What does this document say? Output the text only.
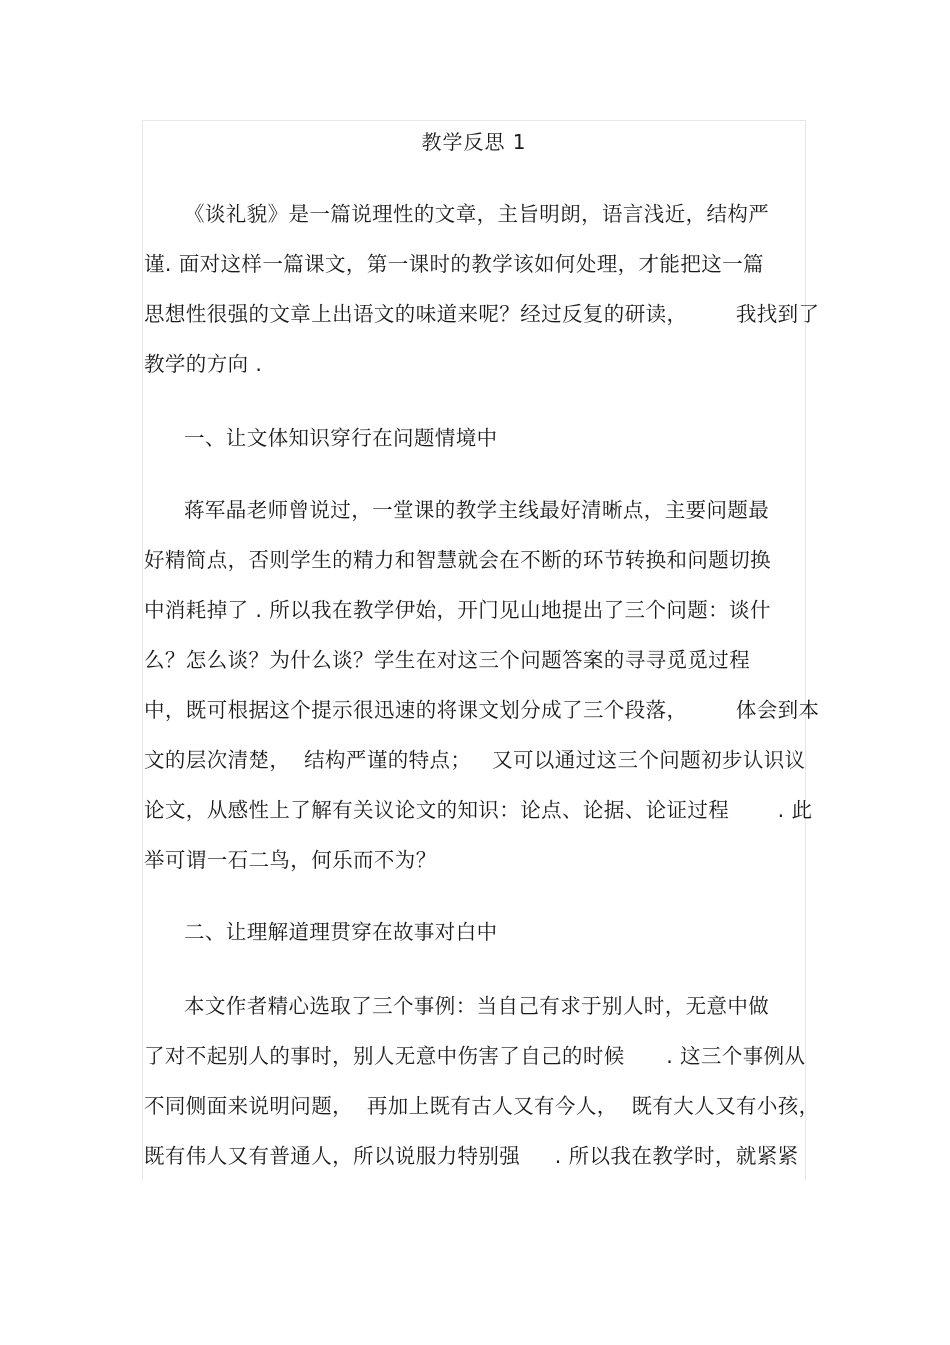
教学反思 1
《谈礼貌》是一篇说理性的文章，主旨明朗，语言浅近，结构严
谨. 面对这样一篇课文，第一课时的教学该如何处理，才能把这一篇
思想性很强的文章上出语文的味道来呢？经过反复的研读，       我找到了
教学的方向 .
一、让文体知识穿行在问题情境中
蒋军晶老师曾说过，一堂课的教学主线最好清晰点，主要问题最
好精简点，否则学生的精力和智慧就会在不断的环节转换和问题切换
中消耗掉了 . 所以我在教学伊始，开门见山地提出了三个问题：谈什
么？怎么谈？为什么谈？学生在对这三个问题答案的寻寻觅觅过程
中，既可根据这个提示很迅速的将课文划分成了三个段落，       体会到本
文的层次清楚，  结构严谨的特点；   又可以通过这三个问题初步认识议
论文，从感性上了解有关议论文的知识：论点、论据、论证过程       . 此
举可谓一石二鸟，何乐而不为？
二、让理解道理贯穿在故事对白中
本文作者精心选取了三个事例：当自己有求于别人时，无意中做
了对不起别人的事时，别人无意中伤害了自己的时候      . 这三个事例从
不同侧面来说明问题，  再加上既有古人又有今人，  既有大人又有小孩，
既有伟人又有普通人，所以说服力特别强     . 所以我在教学时，就紧紧
